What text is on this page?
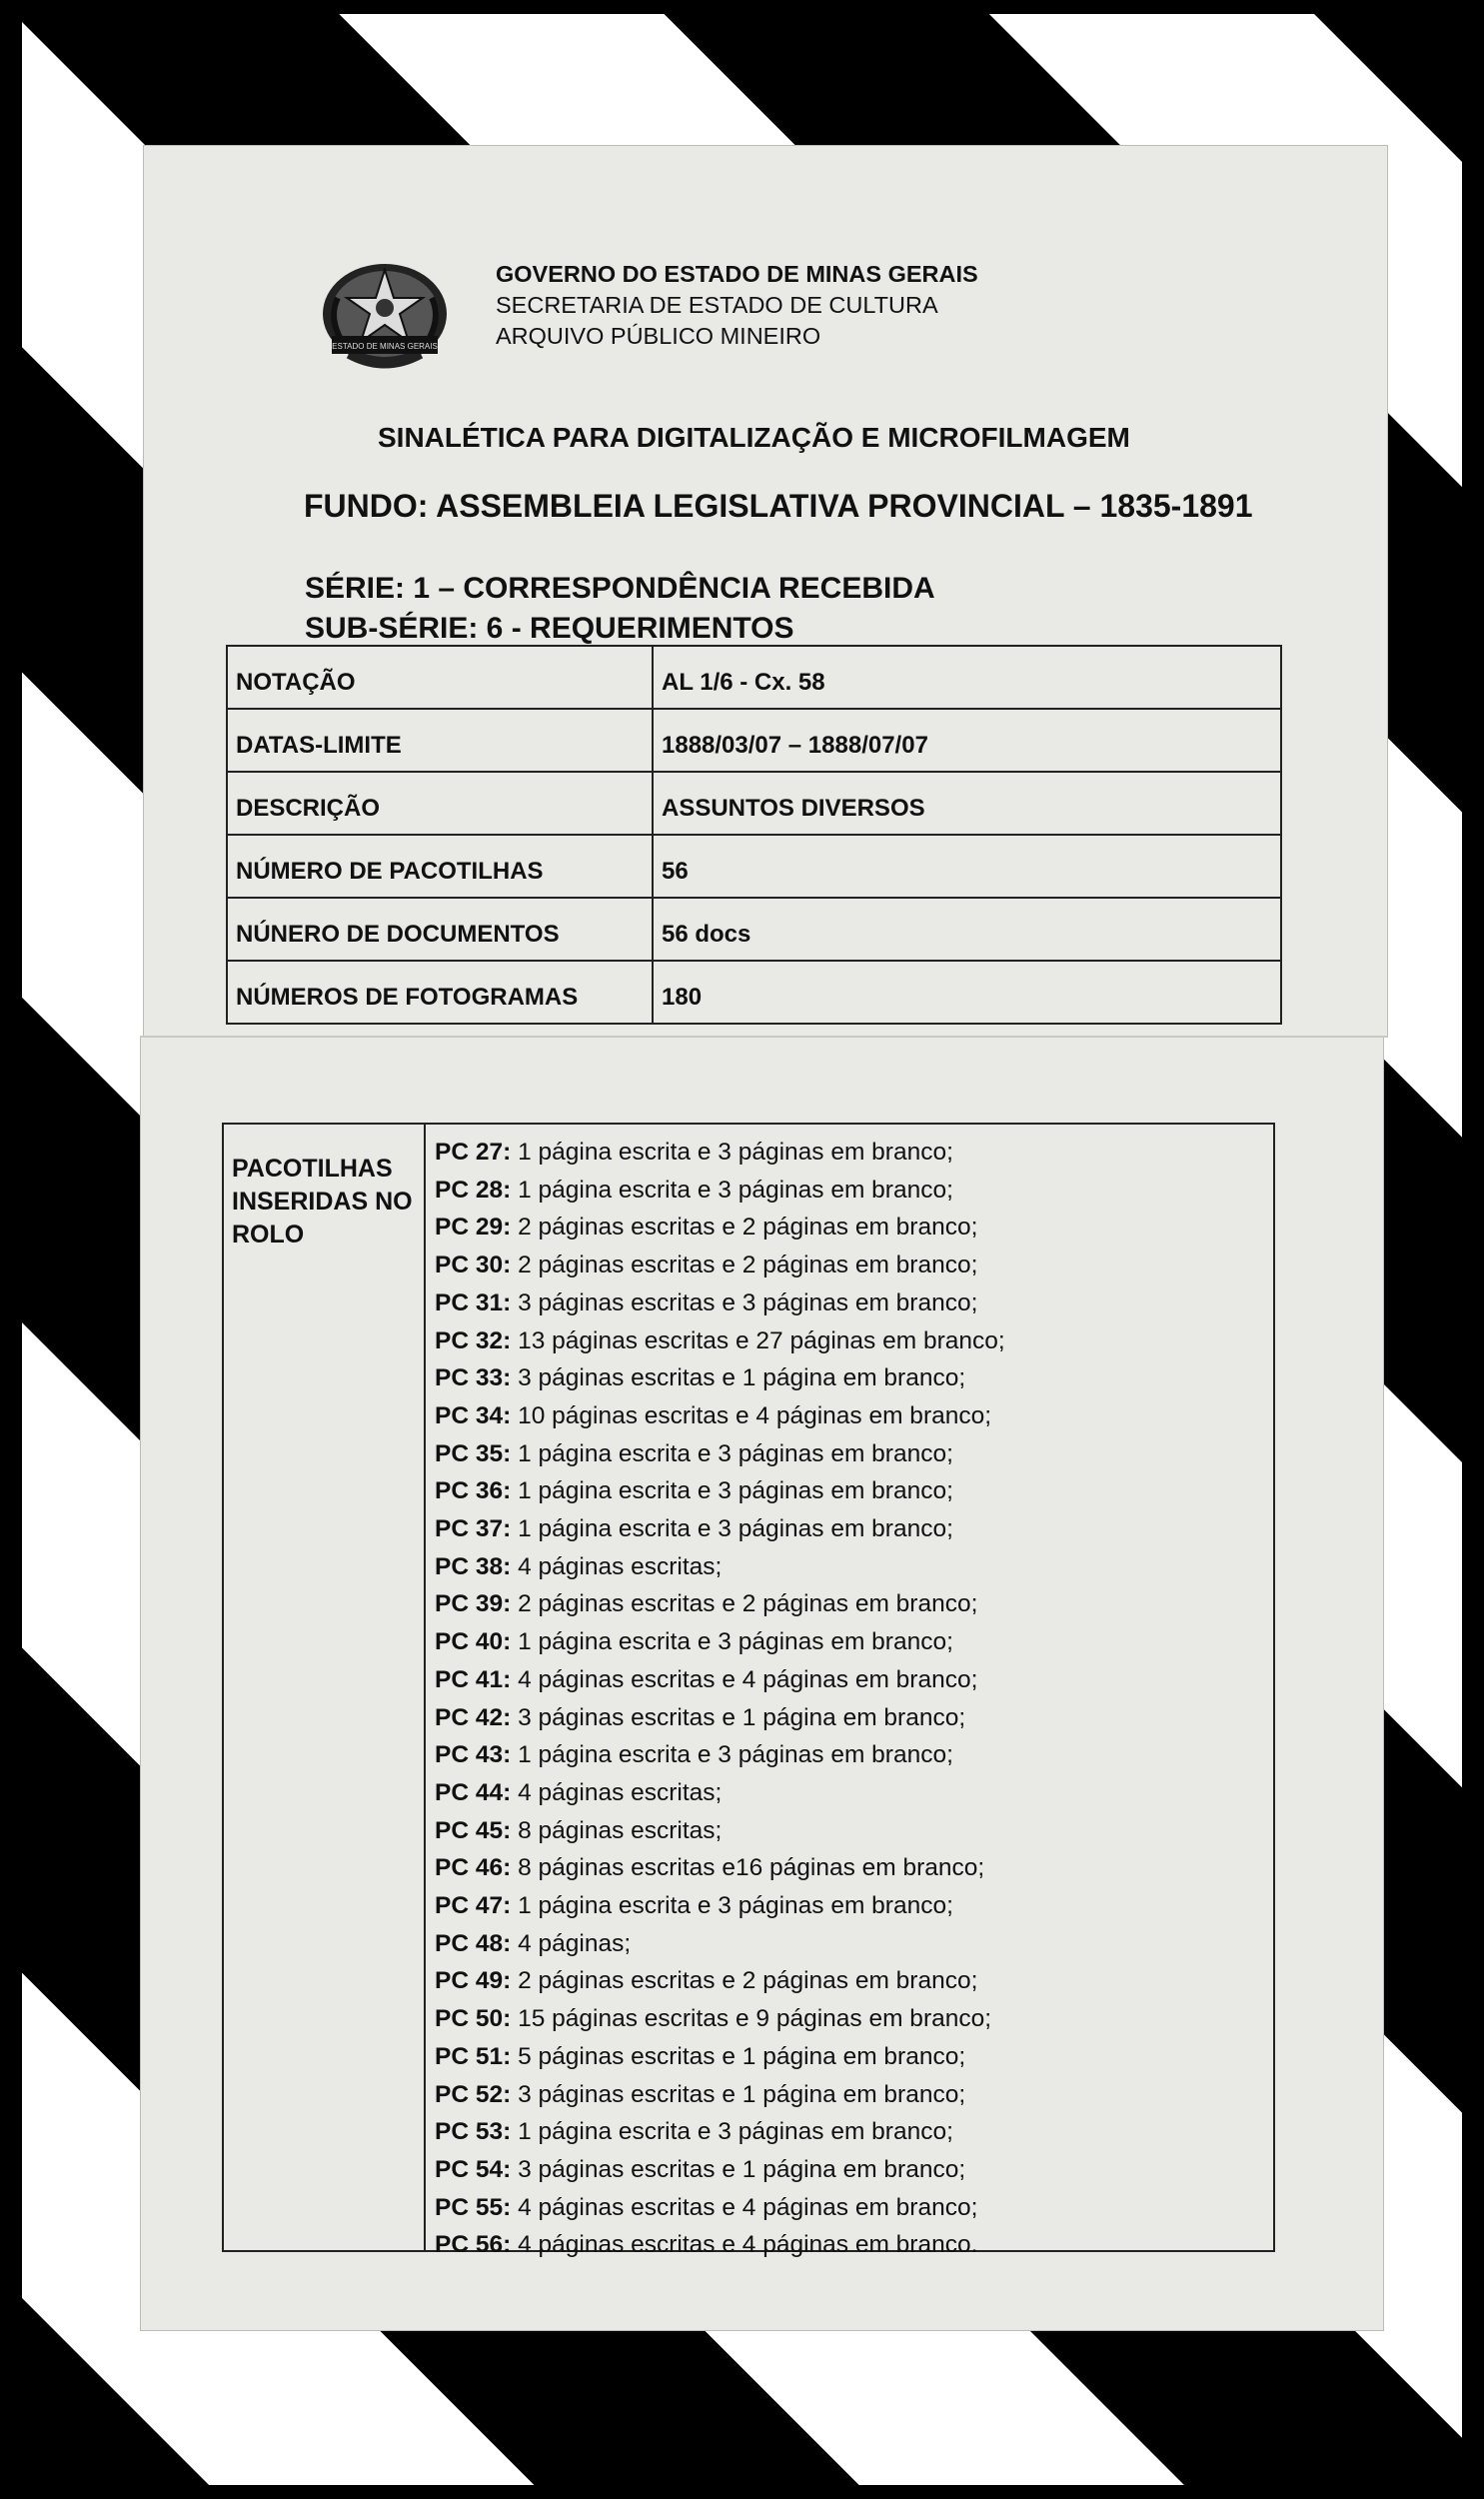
ESTADO DE MINAS GERAIS
GOVERNO DO ESTADO DE MINAS GERAIS
SECRETARIA DE ESTADO DE CULTURA
ARQUIVO PÚBLICO MINEIRO
SINALÉTICA PARA DIGITALIZAÇÃO E MICROFILMAGEM
FUNDO: ASSEMBLEIA LEGISLATIVA PROVINCIAL – 1835-1891
SÉRIE: 1 – CORRESPONDÊNCIA RECEBIDA
SUB-SÉRIE: 6 - REQUERIMENTOS
NOTAÇÃO	AL 1/6 - Cx. 58
DATAS-LIMITE	1888/03/07 – 1888/07/07
DESCRIÇÃO	ASSUNTOS DIVERSOS
NÚMERO DE PACOTILHAS	56
NÚNERO DE DOCUMENTOS	56 docs
NÚMEROS DE FOTOGRAMAS	180
PACOTILHAS
INSERIDAS NO
ROLO
PC 27: 1 página escrita e 3 páginas em branco;
PC 28: 1 página escrita e 3 páginas em branco;
PC 29: 2 páginas escritas e 2 páginas em branco;
PC 30: 2 páginas escritas e 2 páginas em branco;
PC 31: 3 páginas escritas e 3 páginas em branco;
PC 32: 13 páginas escritas e 27 páginas em branco;
PC 33: 3 páginas escritas e 1 página em branco;
PC 34: 10 páginas escritas e 4 páginas em branco;
PC 35: 1 página escrita e 3 páginas em branco;
PC 36: 1 página escrita e 3 páginas em branco;
PC 37: 1 página escrita e 3 páginas em branco;
PC 38: 4 páginas escritas;
PC 39: 2 páginas escritas e 2 páginas em branco;
PC 40: 1 página escrita e 3 páginas em branco;
PC 41: 4 páginas escritas e 4 páginas em branco;
PC 42: 3 páginas escritas e 1 página em branco;
PC 43: 1 página escrita e 3 páginas em branco;
PC 44: 4 páginas escritas;
PC 45: 8 páginas escritas;
PC 46: 8 páginas escritas e16 páginas em branco;
PC 47: 1 página escrita e 3 páginas em branco;
PC 48: 4 páginas;
PC 49: 2 páginas escritas e 2 páginas em branco;
PC 50: 15 páginas escritas e 9 páginas em branco;
PC 51: 5 páginas escritas e 1 página em branco;
PC 52: 3 páginas escritas e 1 página em branco;
PC 53: 1 página escrita e 3 páginas em branco;
PC 54: 3 páginas escritas e 1 página em branco;
PC 55: 4 páginas escritas e 4 páginas em branco;
PC 56: 4 páginas escritas e 4 páginas em branco.
